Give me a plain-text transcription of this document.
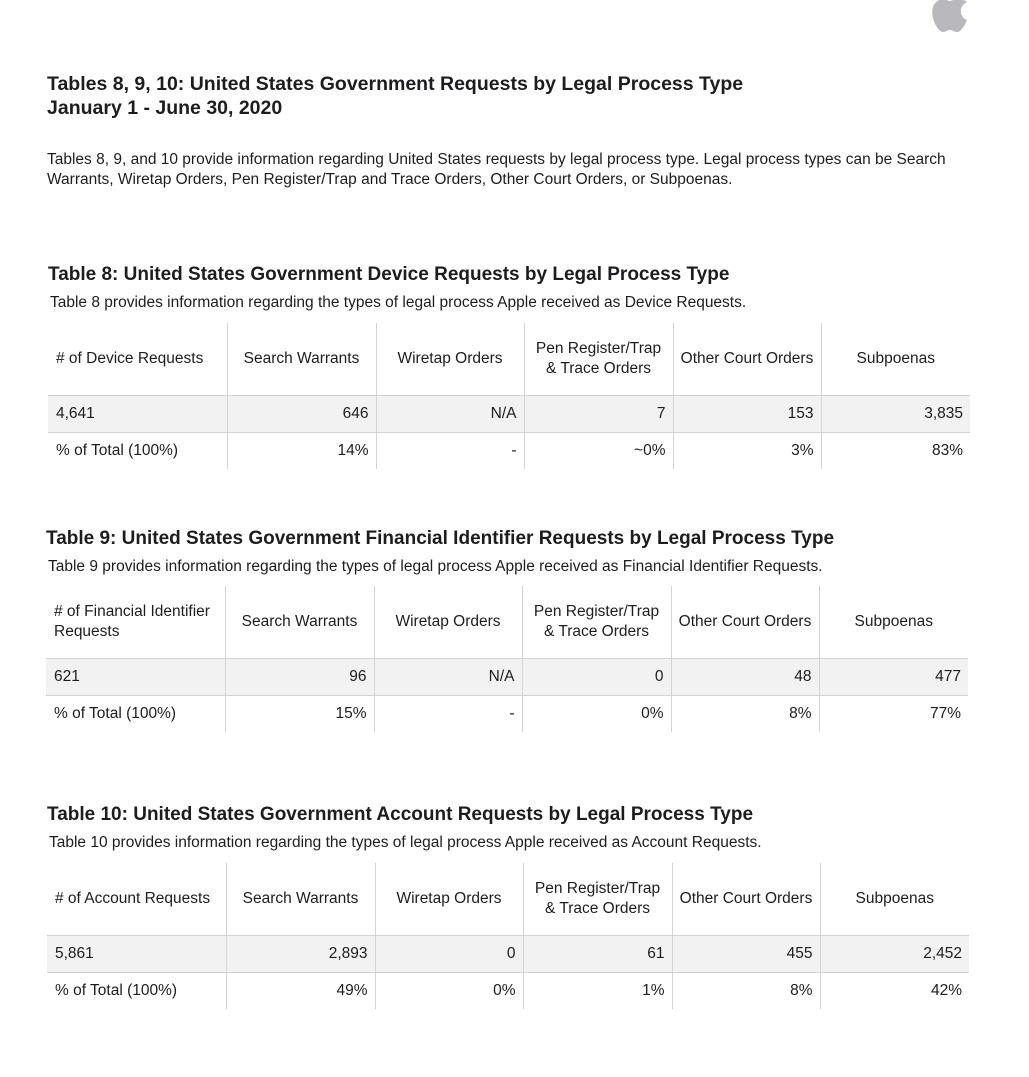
Tables 8, 9, 10: United States Government Requests by Legal Process Type
January 1 - June 30, 2020
Tables 8, 9, and 10 provide information regarding United States requests by legal process type. Legal process types can be Search Warrants, Wiretap Orders, Pen Register/Trap and Trace Orders, Other Court Orders, or Subpoenas.
Table 8: United States Government Device Requests by Legal Process Type

Table 8 provides information regarding the types of legal process Apple received as Device Requests.

# of Device Requests	Search Warrants	Wiretap Orders	Pen Register/Trap & Trace Orders	Other Court Orders	Subpoenas
4,641	646	N/A	7	153	3,835
% of Total (100%)	14%	-	~0%	3%	83%
Table 9: United States Government Financial Identifier Requests by Legal Process Type

Table 9 provides information regarding the types of legal process Apple received as Financial Identifier Requests.

# of Financial Identifier Requests	Search Warrants	Wiretap Orders	Pen Register/Trap & Trace Orders	Other Court Orders	Subpoenas
621	96	N/A	0	48	477
% of Total (100%)	15%	-	0%	8%	77%
Table 10: United States Government Account Requests by Legal Process Type

Table 10 provides information regarding the types of legal process Apple received as Account Requests.

# of Account Requests	Search Warrants	Wiretap Orders	Pen Register/Trap & Trace Orders	Other Court Orders	Subpoenas
5,861	2,893	0	61	455	2,452
% of Total (100%)	49%	0%	1%	8%	42%
